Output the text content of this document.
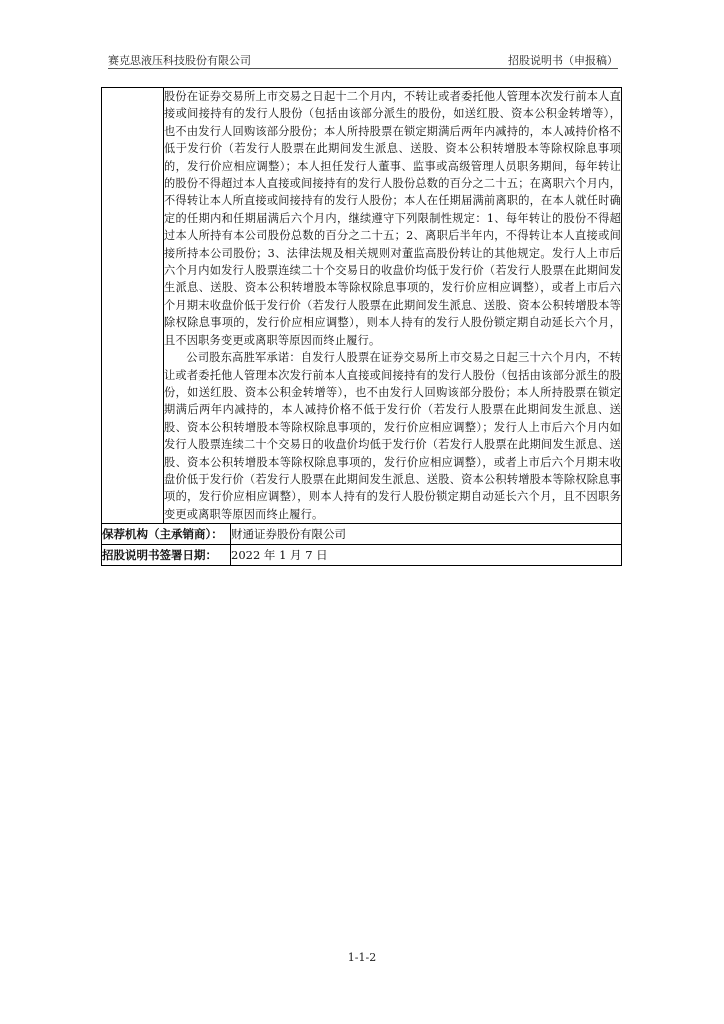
赛克思液压科技股份有限公司	招股说明书（申报稿）

	股份在证券交易所上市交易之日起十二个月内，不转让或者委托他人管理本次发行前本人直接或间接持有的发行人股份（包括由该部分派生的股份，如送红股、资本公积金转增等），也不由发行人回购该部分股份；本人所持股票在锁定期满后两年内减持的，本人减持价格不低于发行价（若发行人股票在此期间发生派息、送股、资本公积转增股本等除权除息事项的，发行价应相应调整）；本人担任发行人董事、监事或高级管理人员职务期间，每年转让的股份不得超过本人直接或间接持有的发行人股份总数的百分之二十五；在离职六个月内，不得转让本人所直接或间接持有的发行人股份；本人在任期届满前离职的，在本人就任时确定的任期内和任期届满后六个月内，继续遵守下列限制性规定：1、每年转让的股份不得超过本人所持有本公司股份总数的百分之二十五；2、离职后半年内，不得转让本人直接或间接所持本公司股份；3、法律法规及相关规则对董监高股份转让的其他规定。发行人上市后六个月内如发行人股票连续二十个交易日的收盘价均低于发行价（若发行人股票在此期间发生派息、送股、资本公积转增股本等除权除息事项的，发行价应相应调整），或者上市后六个月期末收盘价低于发行价（若发行人股票在此期间发生派息、送股、资本公积转增股本等除权除息事项的，发行价应相应调整），则本人持有的发行人股份锁定期自动延长六个月，且不因职务变更或离职等原因而终止履行。

公司股东高胜军承诺：自发行人股票在证券交易所上市交易之日起三十六个月内，不转让或者委托他人管理本次发行前本人直接或间接持有的发行人股份（包括由该部分派生的股份，如送红股、资本公积金转增等），也不由发行人回购该部分股份；本人所持股票在锁定期满后两年内减持的，本人减持价格不低于发行价（若发行人股票在此期间发生派息、送股、资本公积转增股本等除权除息事项的，发行价应相应调整）；发行人上市后六个月内如发行人股票连续二十个交易日的收盘价均低于发行价（若发行人股票在此期间发生派息、送股、资本公积转增股本等除权除息事项的，发行价应相应调整），或者上市后六个月期末收盘价低于发行价（若发行人股票在此期间发生派息、送股、资本公积转增股本等除权除息事项的，发行价应相应调整），则本人持有的发行人股份锁定期自动延长六个月，且不因职务变更或离职等原因而终止履行。	

保荐机构（主承销商）：		财通证券股份有限公司
招股说明书签署日期：		2022 年 1 月 7 日
1-1-2
